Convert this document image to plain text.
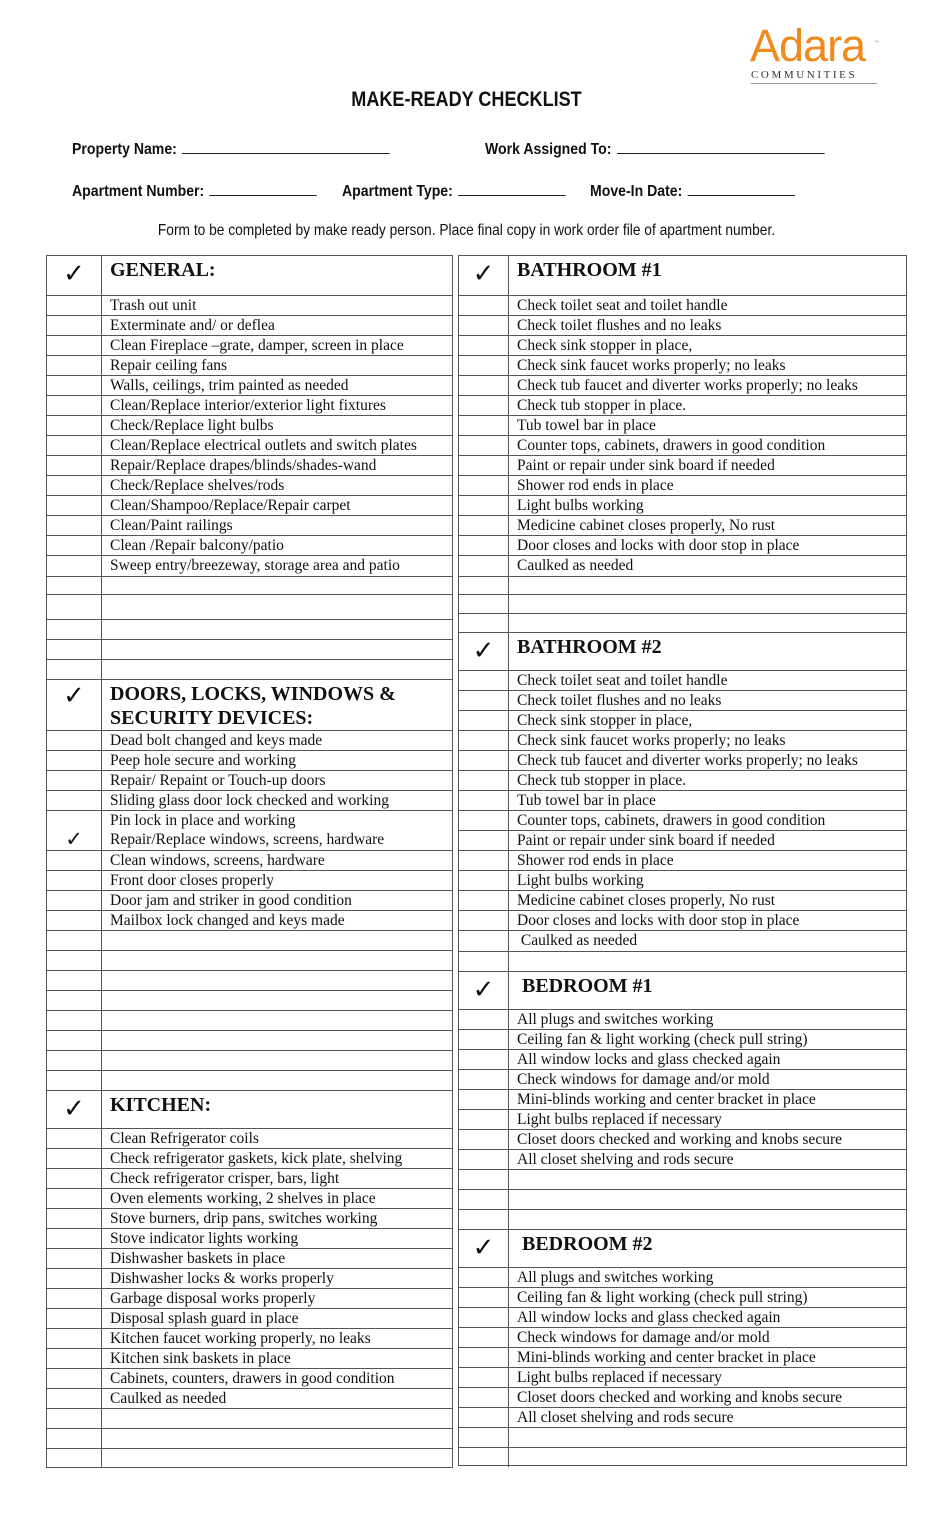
Adara ™
COMMUNITIES
MAKE-READY CHECKLIST
Property Name:	Work Assigned To:
Apartment Number:	Apartment Type:	Move-In Date:
Form to be completed by make ready person. Place final copy in work order file of apartment number.
✓	GENERAL:
Trash out unit
Exterminate and/ or deflea
Clean Fireplace –grate, damper, screen in place
Repair ceiling fans
Walls, ceilings, trim painted as needed
Clean/Replace interior/exterior light fixtures
Check/Replace light bulbs
Clean/Replace electrical outlets and switch plates
Repair/Replace drapes/blinds/shades-wand
Check/Replace shelves/rods
Clean/Shampoo/Replace/Repair carpet
Clean/Paint railings
Clean /Repair balcony/patio
Sweep entry/breezeway, storage area and patio
✓	DOORS, LOCKS, WINDOWS &
SECURITY DEVICES:
Dead bolt changed and keys made
Peep hole secure and working
Repair/ Repaint or Touch-up doors
Sliding glass door lock checked and working
Pin lock in place and working
✓	Repair/Replace windows, screens, hardware
Clean windows, screens, hardware
Front door closes properly
Door jam and striker in good condition
Mailbox lock changed and keys made
✓	KITCHEN:
Clean Refrigerator coils
Check refrigerator gaskets, kick plate, shelving
Check refrigerator crisper, bars, light
Oven elements working, 2 shelves in place
Stove burners, drip pans, switches working
Stove indicator lights working
Dishwasher baskets in place
Dishwasher locks & works properly
Garbage disposal works properly
Disposal splash guard in place
Kitchen faucet working properly, no leaks
Kitchen sink baskets in place
Cabinets, counters, drawers in good condition
Caulked as needed
✓	BATHROOM #1
Check toilet seat and toilet handle
Check toilet flushes and no leaks
Check sink stopper in place,
Check sink faucet works properly; no leaks
Check tub faucet and diverter works properly; no leaks
Check tub stopper in place.
Tub towel bar in place
Counter tops, cabinets, drawers in good condition
Paint or repair under sink board if needed
Shower rod ends in place
Light bulbs working
Medicine cabinet closes properly, No rust
Door closes and locks with door stop in place
Caulked as needed
✓	BATHROOM #2
Check toilet seat and toilet handle
Check toilet flushes and no leaks
Check sink stopper in place,
Check sink faucet works properly; no leaks
Check tub faucet and diverter works properly; no leaks
Check tub stopper in place.
Tub towel bar in place
Counter tops, cabinets, drawers in good condition
Paint or repair under sink board if needed
Shower rod ends in place
Light bulbs working
Medicine cabinet closes properly, No rust
Door closes and locks with door stop in place
Caulked as needed
✓	BEDROOM #1
All plugs and switches working
Ceiling fan & light working (check pull string)
All window locks and glass checked again
Check windows for damage and/or mold
Mini-blinds working and center bracket in place
Light bulbs replaced if necessary
Closet doors checked and working and knobs secure
All closet shelving and rods secure
✓	BEDROOM #2
All plugs and switches working
Ceiling fan & light working (check pull string)
All window locks and glass checked again
Check windows for damage and/or mold
Mini-blinds working and center bracket in place
Light bulbs replaced if necessary
Closet doors checked and working and knobs secure
All closet shelving and rods secure
